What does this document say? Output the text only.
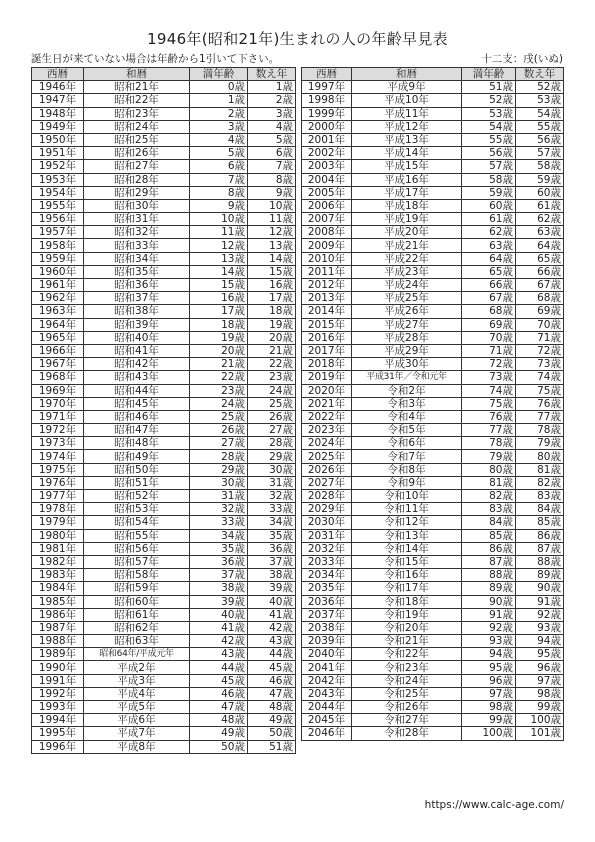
1946年(昭和21年)生まれの人の年齢早見表
誕生日が来ていない場合は年齢から1引いて下さい。	十二支：戌(いぬ)
西暦	和暦	満年齢	数え年
1946年	昭和21年	0歳	1歳
1947年	昭和22年	1歳	2歳
1948年	昭和23年	2歳	3歳
1949年	昭和24年	3歳	4歳
1950年	昭和25年	4歳	5歳
1951年	昭和26年	5歳	6歳
1952年	昭和27年	6歳	7歳
1953年	昭和28年	7歳	8歳
1954年	昭和29年	8歳	9歳
1955年	昭和30年	9歳	10歳
1956年	昭和31年	10歳	11歳
1957年	昭和32年	11歳	12歳
1958年	昭和33年	12歳	13歳
1959年	昭和34年	13歳	14歳
1960年	昭和35年	14歳	15歳
1961年	昭和36年	15歳	16歳
1962年	昭和37年	16歳	17歳
1963年	昭和38年	17歳	18歳
1964年	昭和39年	18歳	19歳
1965年	昭和40年	19歳	20歳
1966年	昭和41年	20歳	21歳
1967年	昭和42年	21歳	22歳
1968年	昭和43年	22歳	23歳
1969年	昭和44年	23歳	24歳
1970年	昭和45年	24歳	25歳
1971年	昭和46年	25歳	26歳
1972年	昭和47年	26歳	27歳
1973年	昭和48年	27歳	28歳
1974年	昭和49年	28歳	29歳
1975年	昭和50年	29歳	30歳
1976年	昭和51年	30歳	31歳
1977年	昭和52年	31歳	32歳
1978年	昭和53年	32歳	33歳
1979年	昭和54年	33歳	34歳
1980年	昭和55年	34歳	35歳
1981年	昭和56年	35歳	36歳
1982年	昭和57年	36歳	37歳
1983年	昭和58年	37歳	38歳
1984年	昭和59年	38歳	39歳
1985年	昭和60年	39歳	40歳
1986年	昭和61年	40歳	41歳
1987年	昭和62年	41歳	42歳
1988年	昭和63年	42歳	43歳
1989年	昭和64年/平成元年	43歳	44歳
1990年	平成2年	44歳	45歳
1991年	平成3年	45歳	46歳
1992年	平成4年	46歳	47歳
1993年	平成5年	47歳	48歳
1994年	平成6年	48歳	49歳
1995年	平成7年	49歳	50歳
1996年	平成8年	50歳	51歳
西暦	和暦	満年齢	数え年
1997年	平成9年	51歳	52歳
1998年	平成10年	52歳	53歳
1999年	平成11年	53歳	54歳
2000年	平成12年	54歳	55歳
2001年	平成13年	55歳	56歳
2002年	平成14年	56歳	57歳
2003年	平成15年	57歳	58歳
2004年	平成16年	58歳	59歳
2005年	平成17年	59歳	60歳
2006年	平成18年	60歳	61歳
2007年	平成19年	61歳	62歳
2008年	平成20年	62歳	63歳
2009年	平成21年	63歳	64歳
2010年	平成22年	64歳	65歳
2011年	平成23年	65歳	66歳
2012年	平成24年	66歳	67歳
2013年	平成25年	67歳	68歳
2014年	平成26年	68歳	69歳
2015年	平成27年	69歳	70歳
2016年	平成28年	70歳	71歳
2017年	平成29年	71歳	72歳
2018年	平成30年	72歳	73歳
2019年	平成31年／令和元年	73歳	74歳
2020年	令和2年	74歳	75歳
2021年	令和3年	75歳	76歳
2022年	令和4年	76歳	77歳
2023年	令和5年	77歳	78歳
2024年	令和6年	78歳	79歳
2025年	令和7年	79歳	80歳
2026年	令和8年	80歳	81歳
2027年	令和9年	81歳	82歳
2028年	令和10年	82歳	83歳
2029年	令和11年	83歳	84歳
2030年	令和12年	84歳	85歳
2031年	令和13年	85歳	86歳
2032年	令和14年	86歳	87歳
2033年	令和15年	87歳	88歳
2034年	令和16年	88歳	89歳
2035年	令和17年	89歳	90歳
2036年	令和18年	90歳	91歳
2037年	令和19年	91歳	92歳
2038年	令和20年	92歳	93歳
2039年	令和21年	93歳	94歳
2040年	令和22年	94歳	95歳
2041年	令和23年	95歳	96歳
2042年	令和24年	96歳	97歳
2043年	令和25年	97歳	98歳
2044年	令和26年	98歳	99歳
2045年	令和27年	99歳	100歳
2046年	令和28年	100歳	101歳
https://www.calc-age.com/
